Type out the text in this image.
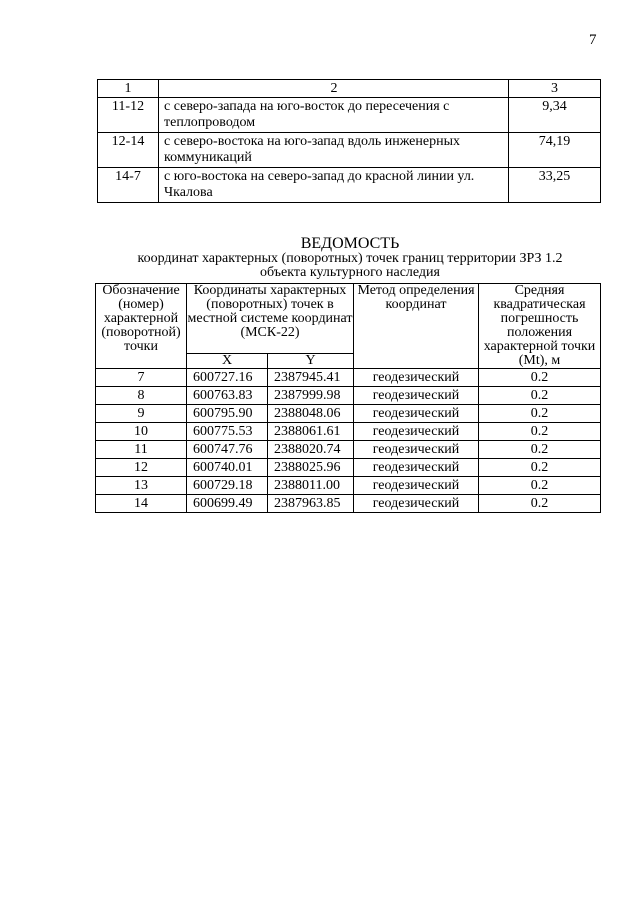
7
1	2	3
11-12	с северо-запада на юго-восток до пересечения с теплопроводом	9,34
12-14	с северо-востока на юго-запад вдоль инженерных коммуникаций	74,19
14-7	с юго-востока на северо-запад до красной линии ул. Чкалова	33,25
ВЕДОМОСТЬ
координат характерных (поворотных) точек границ территории ЗРЗ 1.2
объекта культурного наследия
Обозначение (номер) характерной (поворотной) точки	Координаты характерных (поворотных) точек в местной системе координат (МСК-22)		Метод определения координат	Средняя квадратическая погрешность положения характерной точки (Mt), м
	X	Y		
7	600727.16	2387945.41	геодезический	0.2
8	600763.83	2387999.98	геодезический	0.2
9	600795.90	2388048.06	геодезический	0.2
10	600775.53	2388061.61	геодезический	0.2
11	600747.76	2388020.74	геодезический	0.2
12	600740.01	2388025.96	геодезический	0.2
13	600729.18	2388011.00	геодезический	0.2
14	600699.49	2387963.85	геодезический	0.2
